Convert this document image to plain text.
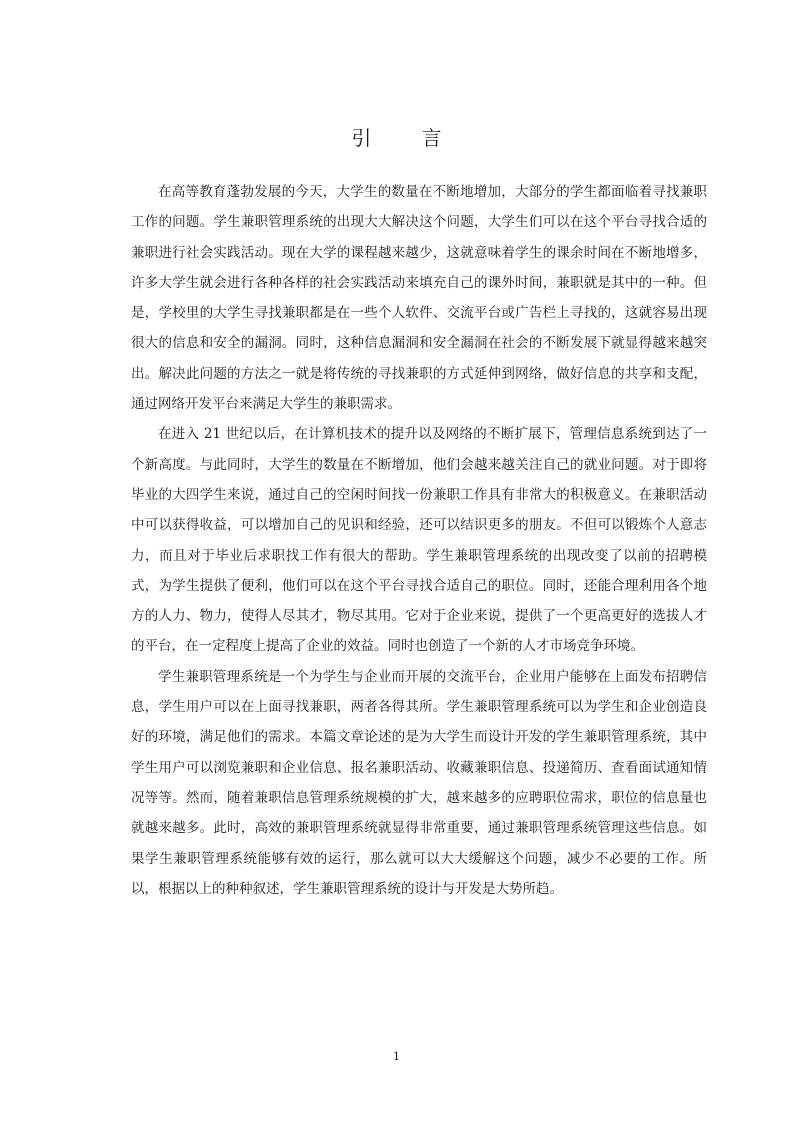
引 言

在高等教育蓬勃发展的今天，大学生的数量在不断地增加，大部分的学生都面临着寻找兼职工作的问题。学生兼职管理系统的出现大大解决这个问题，大学生们可以在这个平台寻找合适的兼职进行社会实践活动。现在大学的课程越来越少，这就意味着学生的课余时间在不断地增多，许多大学生就会进行各种各样的社会实践活动来填充自己的课外时间，兼职就是其中的一种。但是，学校里的大学生寻找兼职都是在一些个人软件、交流平台或广告栏上寻找的，这就容易出现很大的信息和安全的漏洞。同时，这种信息漏洞和安全漏洞在社会的不断发展下就显得越来越突出。解决此问题的方法之一就是将传统的寻找兼职的方式延伸到网络，做好信息的共享和支配，通过网络开发平台来满足大学生的兼职需求。

在进入 21 世纪以后，在计算机技术的提升以及网络的不断扩展下，管理信息系统到达了一个新高度。与此同时，大学生的数量在不断增加，他们会越来越关注自己的就业问题。对于即将毕业的大四学生来说，通过自己的空闲时间找一份兼职工作具有非常大的积极意义。在兼职活动中可以获得收益，可以增加自己的见识和经验，还可以结识更多的朋友。不但可以锻炼个人意志力，而且对于毕业后求职找工作有很大的帮助。学生兼职管理系统的出现改变了以前的招聘模式，为学生提供了便利，他们可以在这个平台寻找合适自己的职位。同时，还能合理利用各个地方的人力、物力，使得人尽其才，物尽其用。它对于企业来说，提供了一个更高更好的选拔人才的平台，在一定程度上提高了企业的效益。同时也创造了一个新的人才市场竞争环境。

学生兼职管理系统是一个为学生与企业而开展的交流平台，企业用户能够在上面发布招聘信息，学生用户可以在上面寻找兼职，两者各得其所。学生兼职管理系统可以为学生和企业创造良好的环境，满足他们的需求。本篇文章论述的是为大学生而设计开发的学生兼职管理系统，其中学生用户可以浏览兼职和企业信息、报名兼职活动、收藏兼职信息、投递简历、查看面试通知情况等等。然而，随着兼职信息管理系统规模的扩大，越来越多的应聘职位需求，职位的信息量也就越来越多。此时，高效的兼职管理系统就显得非常重要，通过兼职管理系统管理这些信息。如果学生兼职管理系统能够有效的运行，那么就可以大大缓解这个问题，减少不必要的工作。所以，根据以上的种种叙述，学生兼职管理系统的设计与开发是大势所趋。

1
